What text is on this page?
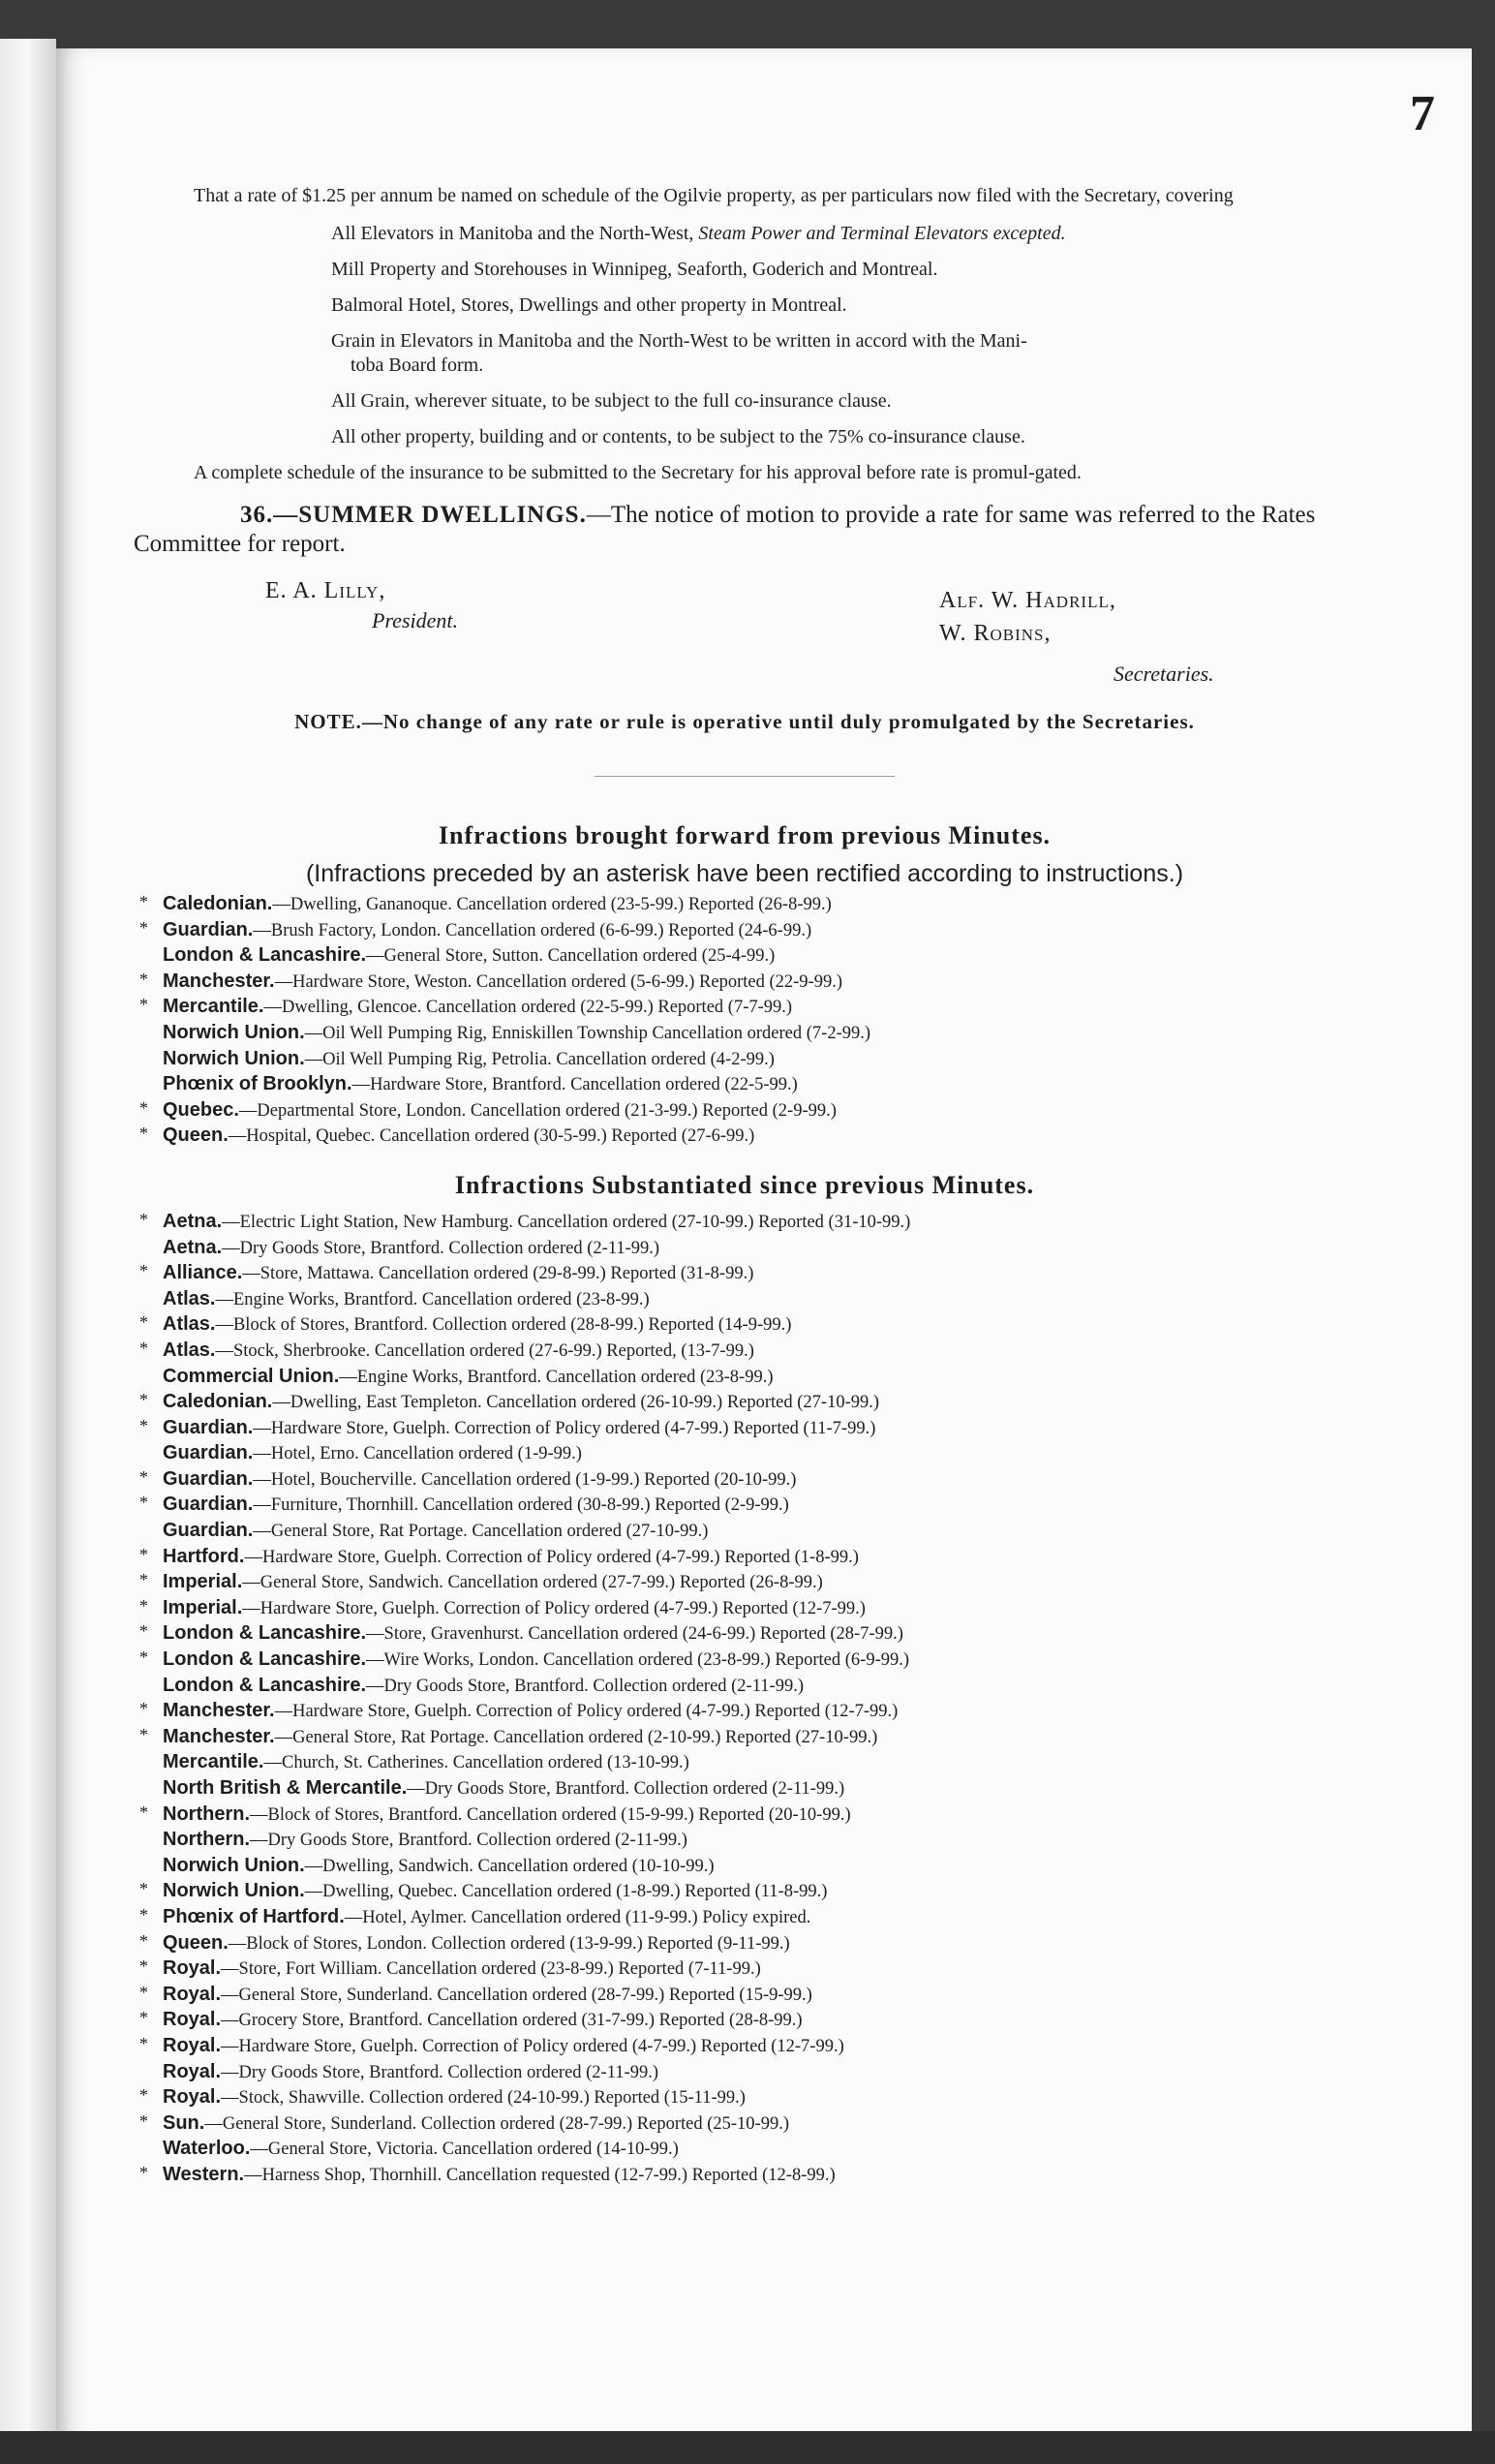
7

That a rate of $1.25 per annum be named on schedule of the Ogilvie property, as per particulars now filed with the Secretary, covering

All Elevators in Manitoba and the North-West, Steam Power and Terminal Elevators excepted.

Mill Property and Storehouses in Winnipeg, Seaforth, Goderich and Montreal.

Balmoral Hotel, Stores, Dwellings and other property in Montreal.

Grain in Elevators in Manitoba and the North-West to be written in accord with the Mani-
toba Board form.

All Grain, wherever situate, to be subject to the full co-insurance clause.

All other property, building and or contents, to be subject to the 75% co-insurance clause.

A complete schedule of the insurance to be submitted to the Secretary for his approval before rate is promul-gated.

36.—SUMMER DWELLINGS.—The notice of motion to provide a rate for same was referred to the Rates Committee for report.

E. A. Lilly,
President.
Alf. W. Hadrill,
W. Robins,
Secretaries.

NOTE.—No change of any rate or rule is operative until duly promulgated by the Secretaries.

Infractions brought forward from previous Minutes.

(Infractions preceded by an asterisk have been rectified according to instructions.)

* Caledonian.—Dwelling, Gananoque. Cancellation ordered (23-5-99.) Reported (26-8-99.)
* Guardian.—Brush Factory, London. Cancellation ordered (6-6-99.) Reported (24-6-99.)
London & Lancashire.—General Store, Sutton. Cancellation ordered (25-4-99.)
* Manchester.—Hardware Store, Weston. Cancellation ordered (5-6-99.) Reported (22-9-99.)
* Mercantile.—Dwelling, Glencoe. Cancellation ordered (22-5-99.) Reported (7-7-99.)
Norwich Union.—Oil Well Pumping Rig, Enniskillen Township Cancellation ordered (7-2-99.)
Norwich Union.—Oil Well Pumping Rig, Petrolia. Cancellation ordered (4-2-99.)
Phœnix of Brooklyn.—Hardware Store, Brantford. Cancellation ordered (22-5-99.)
* Quebec.—Departmental Store, London. Cancellation ordered (21-3-99.) Reported (2-9-99.)
* Queen.—Hospital, Quebec. Cancellation ordered (30-5-99.) Reported (27-6-99.)
Infractions Substantiated since previous Minutes.
* Aetna.—Electric Light Station, New Hamburg. Cancellation ordered (27-10-99.) Reported (31-10-99.)
Aetna.—Dry Goods Store, Brantford. Collection ordered (2-11-99.)
* Alliance.—Store, Mattawa. Cancellation ordered (29-8-99.) Reported (31-8-99.)
Atlas.—Engine Works, Brantford. Cancellation ordered (23-8-99.)
* Atlas.—Block of Stores, Brantford. Collection ordered (28-8-99.) Reported (14-9-99.)
* Atlas.—Stock, Sherbrooke. Cancellation ordered (27-6-99.) Reported, (13-7-99.)
Commercial Union.—Engine Works, Brantford. Cancellation ordered (23-8-99.)
* Caledonian.—Dwelling, East Templeton. Cancellation ordered (26-10-99.) Reported (27-10-99.)
* Guardian.—Hardware Store, Guelph. Correction of Policy ordered (4-7-99.) Reported (11-7-99.)
Guardian.—Hotel, Erno. Cancellation ordered (1-9-99.)
* Guardian.—Hotel, Boucherville. Cancellation ordered (1-9-99.) Reported (20-10-99.)
* Guardian.—Furniture, Thornhill. Cancellation ordered (30-8-99.) Reported (2-9-99.)
Guardian.—General Store, Rat Portage. Cancellation ordered (27-10-99.)
* Hartford.—Hardware Store, Guelph. Correction of Policy ordered (4-7-99.) Reported (1-8-99.)
* Imperial.—General Store, Sandwich. Cancellation ordered (27-7-99.) Reported (26-8-99.)
* Imperial.—Hardware Store, Guelph. Correction of Policy ordered (4-7-99.) Reported (12-7-99.)
* London & Lancashire.—Store, Gravenhurst. Cancellation ordered (24-6-99.) Reported (28-7-99.)
* London & Lancashire.—Wire Works, London. Cancellation ordered (23-8-99.) Reported (6-9-99.)
London & Lancashire.—Dry Goods Store, Brantford. Collection ordered (2-11-99.)
* Manchester.—Hardware Store, Guelph. Correction of Policy ordered (4-7-99.) Reported (12-7-99.)
* Manchester.—General Store, Rat Portage. Cancellation ordered (2-10-99.) Reported (27-10-99.)
Mercantile.—Church, St. Catherines. Cancellation ordered (13-10-99.)
North British & Mercantile.—Dry Goods Store, Brantford. Collection ordered (2-11-99.)
* Northern.—Block of Stores, Brantford. Cancellation ordered (15-9-99.) Reported (20-10-99.)
Northern.—Dry Goods Store, Brantford. Collection ordered (2-11-99.)
Norwich Union.—Dwelling, Sandwich. Cancellation ordered (10-10-99.)
* Norwich Union.—Dwelling, Quebec. Cancellation ordered (1-8-99.) Reported (11-8-99.)
* Phœnix of Hartford.—Hotel, Aylmer. Cancellation ordered (11-9-99.) Policy expired.
* Queen.—Block of Stores, London. Collection ordered (13-9-99.) Reported (9-11-99.)
* Royal.—Store, Fort William. Cancellation ordered (23-8-99.) Reported (7-11-99.)
* Royal.—General Store, Sunderland. Cancellation ordered (28-7-99.) Reported (15-9-99.)
* Royal.—Grocery Store, Brantford. Cancellation ordered (31-7-99.) Reported (28-8-99.)
* Royal.—Hardware Store, Guelph. Correction of Policy ordered (4-7-99.) Reported (12-7-99.)
Royal.—Dry Goods Store, Brantford. Collection ordered (2-11-99.)
* Royal.—Stock, Shawville. Collection ordered (24-10-99.) Reported (15-11-99.)
* Sun.—General Store, Sunderland. Collection ordered (28-7-99.) Reported (25-10-99.)
Waterloo.—General Store, Victoria. Cancellation ordered (14-10-99.)
* Western.—Harness Shop, Thornhill. Cancellation requested (12-7-99.) Reported (12-8-99.)
